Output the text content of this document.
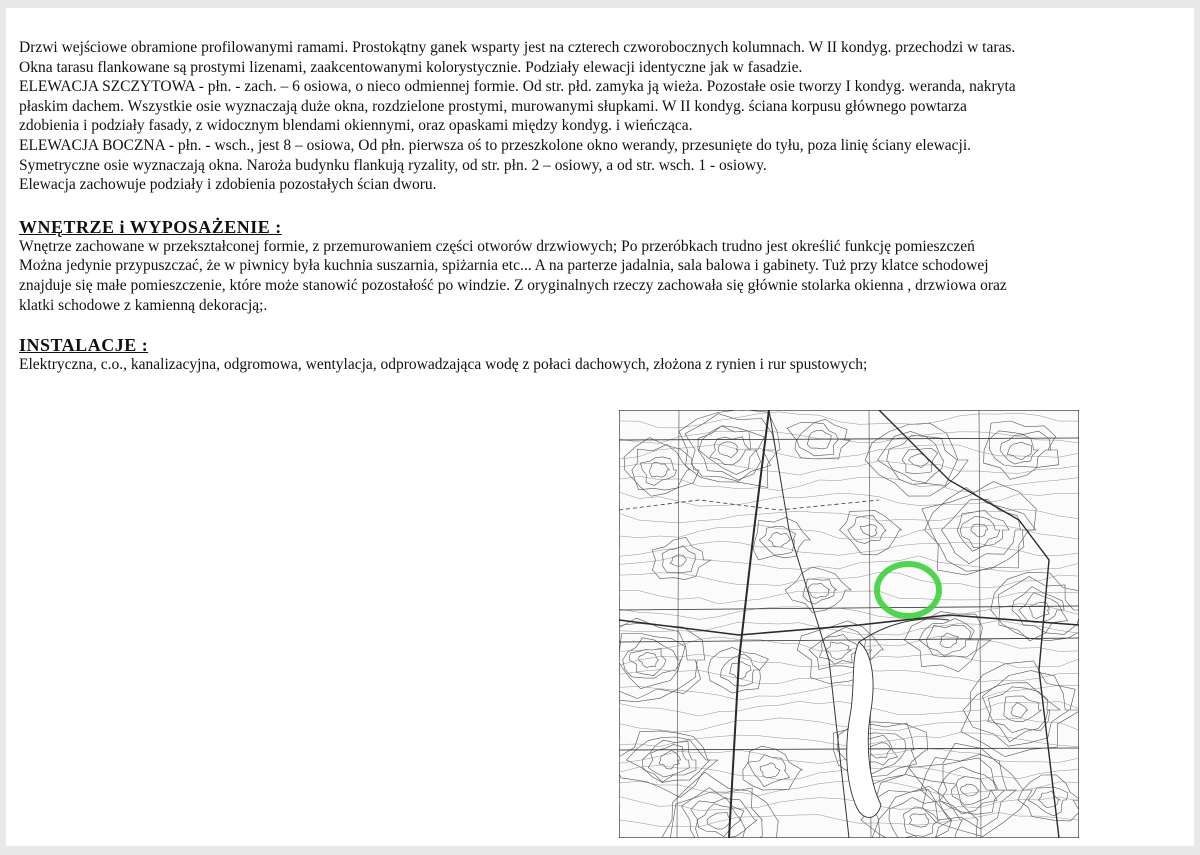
Drzwi wejściowe obramione profilowanymi ramami. Prostokątny ganek wsparty jest na czterech czworobocznych kolumnach. W II kondyg. przechodzi w taras.

Okna tarasu flankowane są prostymi lizenami, zaakcentowanymi kolorystycznie. Podziały elewacji identyczne jak w fasadzie.

ELEWACJA SZCZYTOWA - płn. - zach. – 6 osiowa, o nieco odmiennej formie. Od str. płd. zamyka ją wieża. Pozostałe osie tworzy I kondyg. weranda, nakryta

płaskim dachem. Wszystkie osie wyznaczają duże okna, rozdzielone prostymi, murowanymi słupkami. W II kondyg. ściana korpusu głównego powtarza

zdobienia i podziały fasady, z widocznym blendami okiennymi, oraz opaskami między kondyg. i wieńcząca.

ELEWACJA BOCZNA - płn. - wsch., jest 8 – osiowa, Od płn. pierwsza oś to przeszkolone okno werandy, przesunięte do tyłu, poza linię ściany elewacji.

Symetryczne osie wyznaczają okna. Naroża budynku flankują ryzality, od str. płn. 2 – osiowy, a od str. wsch. 1 - osiowy.

Elewacja zachowuje podziały i zdobienia pozostałych ścian dworu.

WNĘTRZE i WYPOSAŻENIE :

Wnętrze zachowane w przekształconej formie, z przemurowaniem części otworów drzwiowych; Po przeróbkach trudno jest określić funkcję pomieszczeń

Można jedynie przypuszczać, że w piwnicy była kuchnia suszarnia, spiżarnia etc... A na parterze jadalnia, sala balowa i gabinety. Tuż przy klatce schodowej

znajduje się małe pomieszczenie, które może stanowić pozostałość po windzie. Z oryginalnych rzeczy zachowała się głównie stolarka okienna , drzwiowa oraz

klatki schodowe z kamienną dekoracją;.

INSTALACJE :

Elektryczna, c.o., kanalizacyjna, odgromowa, wentylacja, odprowadzająca wodę z połaci dachowych, złożona z rynien i rur spustowych;
